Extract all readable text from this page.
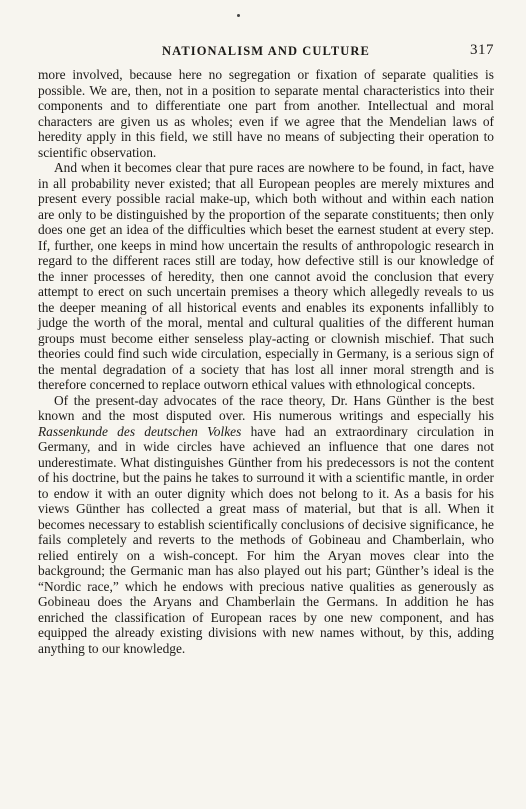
NATIONALISM AND CULTURE	317

more involved, because here no segregation or fixation of separate qualities is possible. We are, then, not in a position to separate mental characteristics into their components and to differentiate one part from another. Intellectual and moral characters are given us as wholes; even if we agree that the Mendelian laws of heredity apply in this field, we still have no means of subjecting their operation to scientific observation.

And when it becomes clear that pure races are nowhere to be found, in fact, have in all probability never existed; that all European peoples are merely mixtures and present every possible racial make-up, which both without and within each nation are only to be distinguished by the proportion of the separate constituents; then only does one get an idea of the difficulties which beset the earnest student at every step. If, further, one keeps in mind how uncertain the results of anthropologic research in regard to the different races still are today, how defective still is our knowledge of the inner processes of heredity, then one cannot avoid the conclusion that every attempt to erect on such uncertain premises a theory which allegedly reveals to us the deeper meaning of all historical events and enables its exponents infallibly to judge the worth of the moral, mental and cultural qualities of the different human groups must become either senseless play-acting or clownish mischief. That such theories could find such wide circulation, especially in Germany, is a serious sign of the mental degradation of a society that has lost all inner moral strength and is therefore concerned to replace outworn ethical values with ethnological concepts.

Of the present-day advocates of the race theory, Dr. Hans Günther is the best known and the most disputed over. His numerous writings and especially his Rassenkunde des deutschen Volkes have had an extraordinary circulation in Germany, and in wide circles have achieved an influence that one dares not underestimate. What distinguishes Günther from his predecessors is not the content of his doctrine, but the pains he takes to surround it with a scientific mantle, in order to endow it with an outer dignity which does not belong to it. As a basis for his views Günther has collected a great mass of material, but that is all. When it becomes necessary to establish scientifically conclusions of decisive significance, he fails completely and reverts to the methods of Gobineau and Chamberlain, who relied entirely on a wish-concept. For him the Aryan moves clear into the background; the Germanic man has also played out his part; Günther’s ideal is the “Nordic race,” which he endows with precious native qualities as generously as Gobineau does the Aryans and Chamberlain the Germans. In addition he has enriched the classification of European races by one new component, and has equipped the already existing divisions with new names without, by this, adding anything to our knowledge.
